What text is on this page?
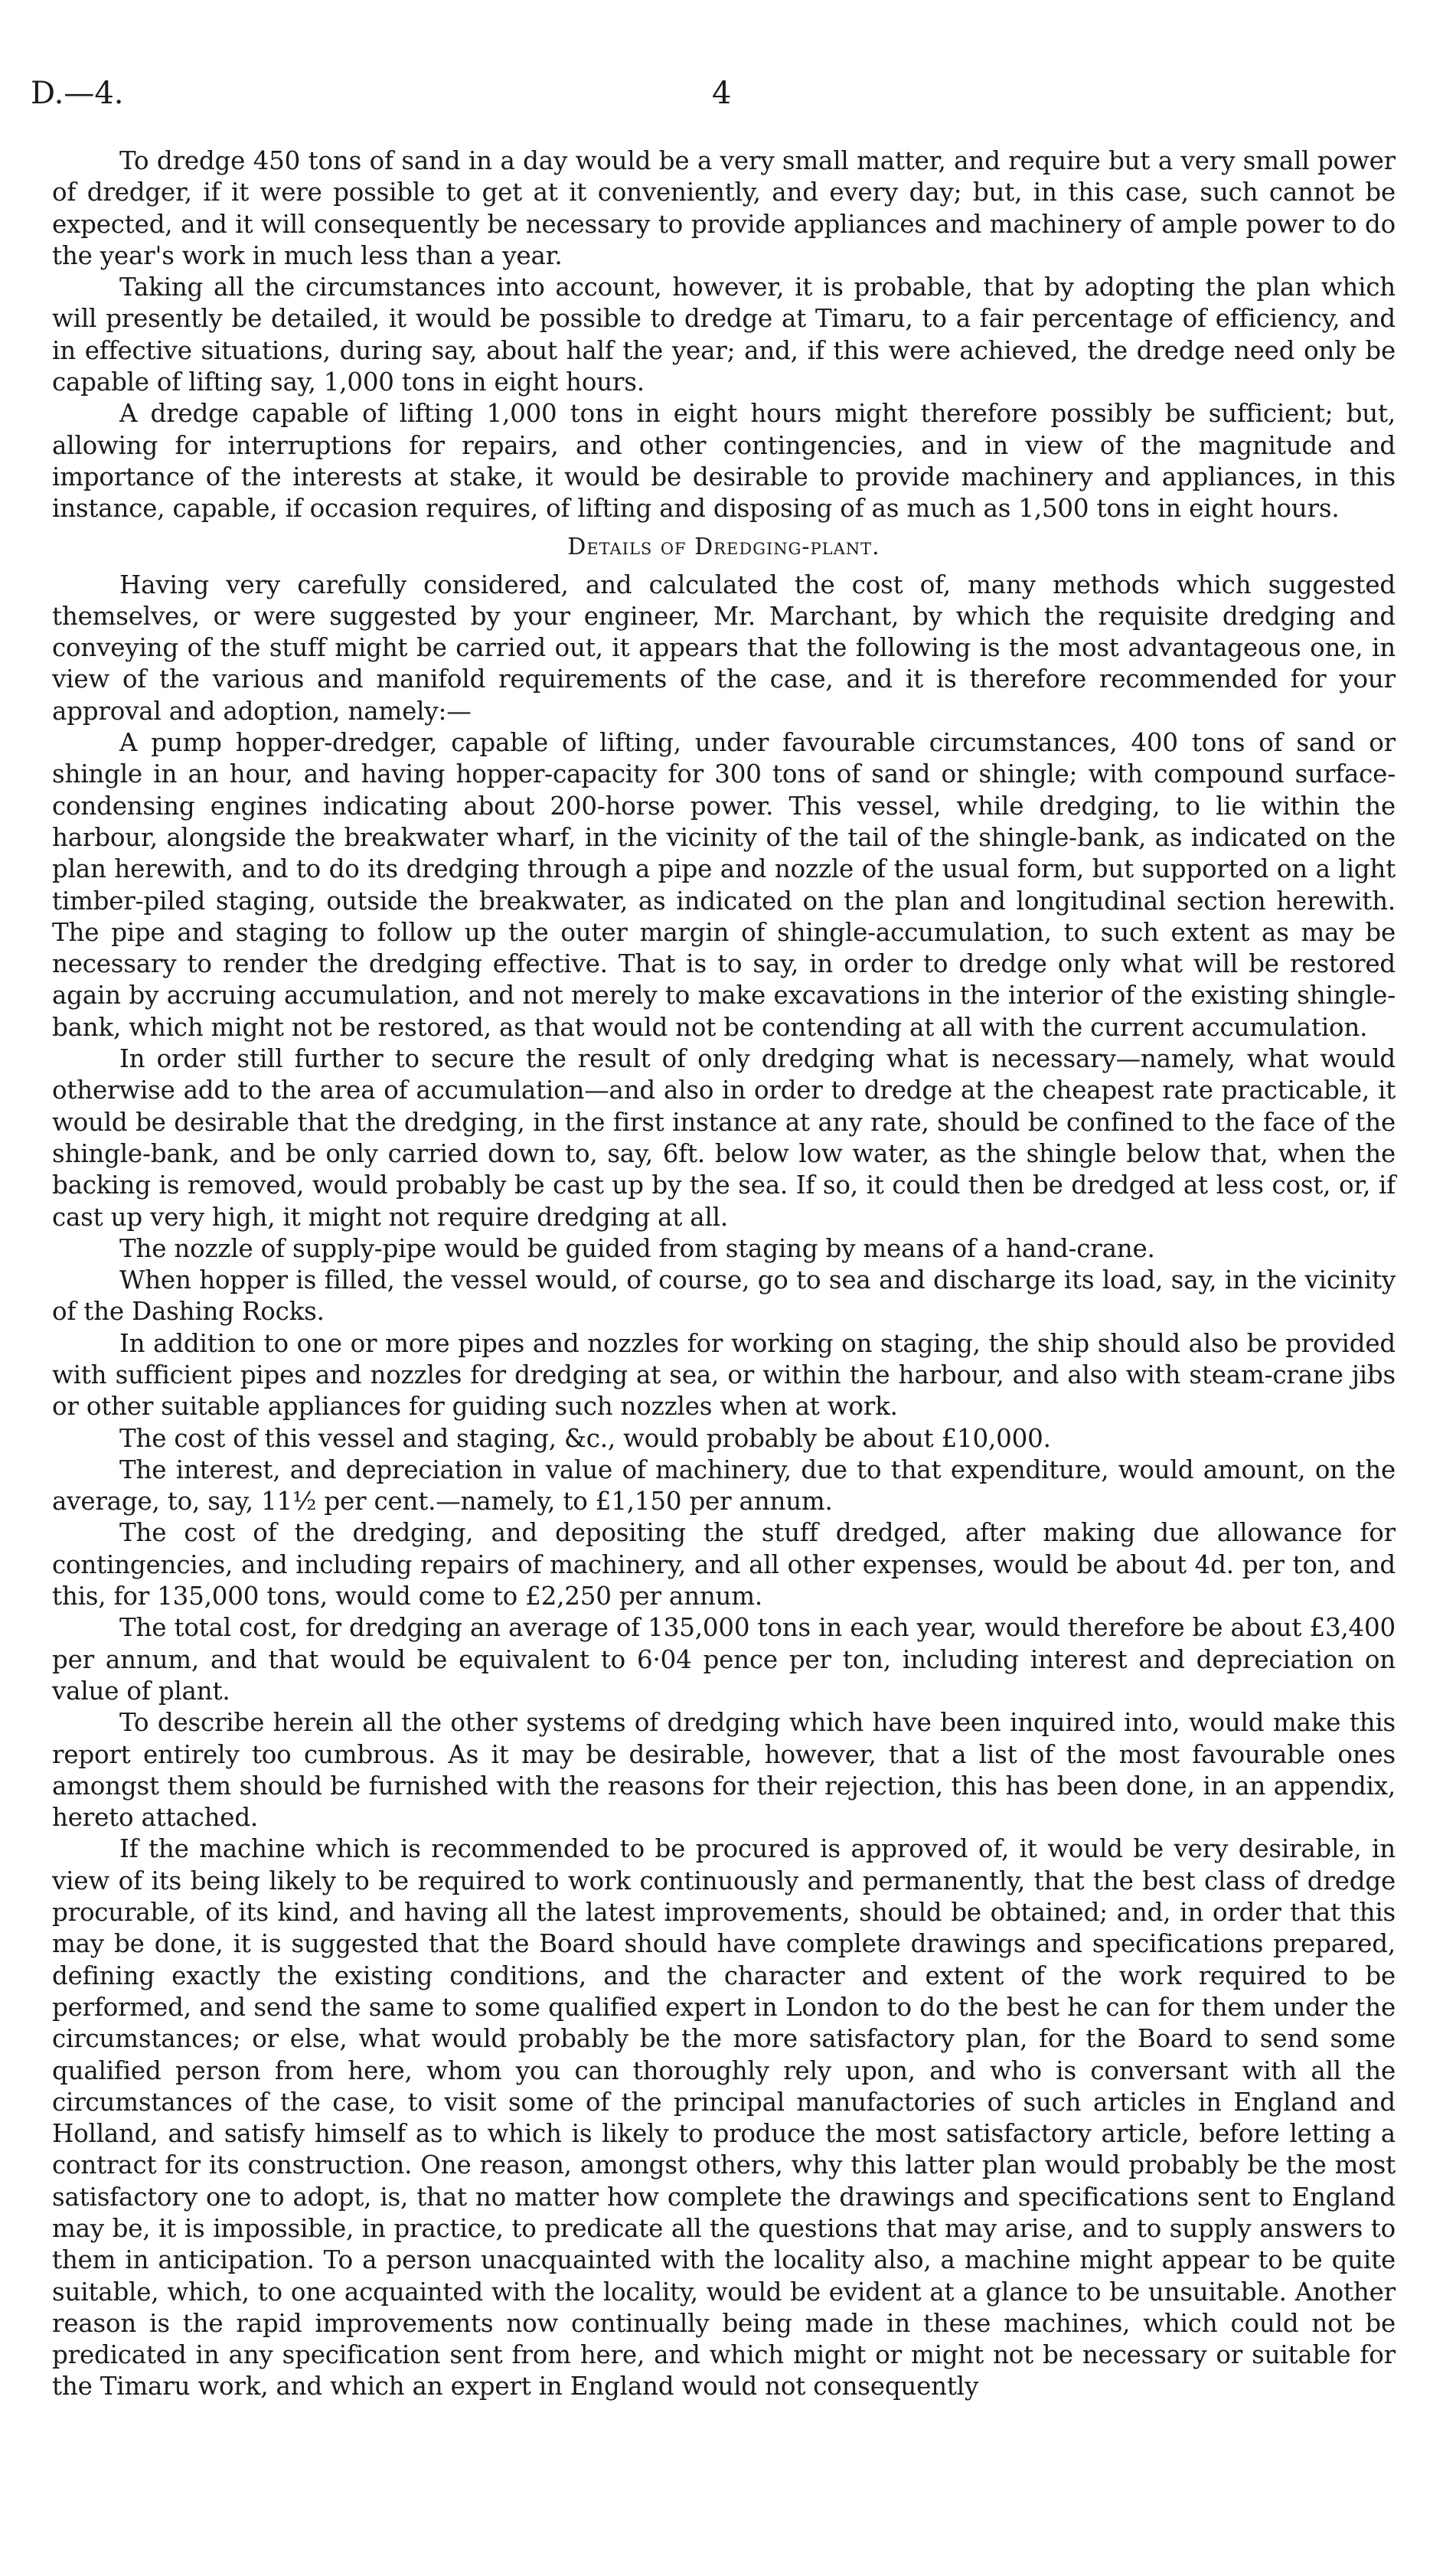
D.—4.	4

To dredge 450 tons of sand in a day would be a very small matter, and require but a very small power of dredger, if it were possible to get at it conveniently, and every day; but, in this case, such cannot be expected, and it will consequently be necessary to provide appliances and machinery of ample power to do the year's work in much less than a year.

Taking all the circumstances into account, however, it is probable, that by adopting the plan which will presently be detailed, it would be possible to dredge at Timaru, to a fair percentage of efficiency, and in effective situations, during say, about half the year; and, if this were achieved, the dredge need only be capable of lifting say, 1,000 tons in eight hours.

A dredge capable of lifting 1,000 tons in eight hours might therefore possibly be sufficient; but, allowing for interruptions for repairs, and other contingencies, and in view of the magnitude and importance of the interests at stake, it would be desirable to provide machinery and appliances, in this instance, capable, if occasion requires, of lifting and disposing of as much as 1,500 tons in eight hours.

Details of Dredging-plant.

Having very carefully considered, and calculated the cost of, many methods which suggested themselves, or were suggested by your engineer, Mr. Marchant, by which the requisite dredging and conveying of the stuff might be carried out, it appears that the following is the most advantageous one, in view of the various and manifold requirements of the case, and it is therefore recommended for your approval and adoption, namely:—

A pump hopper-dredger, capable of lifting, under favourable circumstances, 400 tons of sand or shingle in an hour, and having hopper-capacity for 300 tons of sand or shingle; with compound surface-condensing engines indicating about 200-horse power. This vessel, while dredging, to lie within the harbour, alongside the breakwater wharf, in the vicinity of the tail of the shingle-bank, as indicated on the plan herewith, and to do its dredging through a pipe and nozzle of the usual form, but supported on a light timber-piled staging, outside the breakwater, as indicated on the plan and longitudinal section herewith. The pipe and staging to follow up the outer margin of shingle-accumulation, to such extent as may be necessary to render the dredging effective. That is to say, in order to dredge only what will be restored again by accruing accumulation, and not merely to make excavations in the interior of the existing shingle-bank, which might not be restored, as that would not be contending at all with the current accumulation.

In order still further to secure the result of only dredging what is necessary—namely, what would otherwise add to the area of accumulation—and also in order to dredge at the cheapest rate practicable, it would be desirable that the dredging, in the first instance at any rate, should be confined to the face of the shingle-bank, and be only carried down to, say, 6ft. below low water, as the shingle below that, when the backing is removed, would probably be cast up by the sea. If so, it could then be dredged at less cost, or, if cast up very high, it might not require dredging at all.

The nozzle of supply-pipe would be guided from staging by means of a hand-crane.

When hopper is filled, the vessel would, of course, go to sea and discharge its load, say, in the vicinity of the Dashing Rocks.

In addition to one or more pipes and nozzles for working on staging, the ship should also be provided with sufficient pipes and nozzles for dredging at sea, or within the harbour, and also with steam-crane jibs or other suitable appliances for guiding such nozzles when at work.

The cost of this vessel and staging, &c., would probably be about £10,000.

The interest, and depreciation in value of machinery, due to that expenditure, would amount, on the average, to, say, 11½ per cent.—namely, to £1,150 per annum.

The cost of the dredging, and depositing the stuff dredged, after making due allowance for contingencies, and including repairs of machinery, and all other expenses, would be about 4d. per ton, and this, for 135,000 tons, would come to £2,250 per annum.

The total cost, for dredging an average of 135,000 tons in each year, would therefore be about £3,400 per annum, and that would be equivalent to 6·04 pence per ton, including interest and depreciation on value of plant.

To describe herein all the other systems of dredging which have been inquired into, would make this report entirely too cumbrous. As it may be desirable, however, that a list of the most favourable ones amongst them should be furnished with the reasons for their rejection, this has been done, in an appendix, hereto attached.

If the machine which is recommended to be procured is approved of, it would be very desirable, in view of its being likely to be required to work continuously and permanently, that the best class of dredge procurable, of its kind, and having all the latest improvements, should be obtained; and, in order that this may be done, it is suggested that the Board should have complete drawings and specifications prepared, defining exactly the existing conditions, and the character and extent of the work required to be performed, and send the same to some qualified expert in London to do the best he can for them under the circumstances; or else, what would probably be the more satisfactory plan, for the Board to send some qualified person from here, whom you can thoroughly rely upon, and who is conversant with all the circumstances of the case, to visit some of the principal manufactories of such articles in England and Holland, and satisfy himself as to which is likely to produce the most satisfactory article, before letting a contract for its construction. One reason, amongst others, why this latter plan would probably be the most satisfactory one to adopt, is, that no matter how complete the drawings and specifications sent to England may be, it is impossible, in practice, to predicate all the questions that may arise, and to supply answers to them in anticipation. To a person unacquainted with the locality also, a machine might appear to be quite suitable, which, to one acquainted with the locality, would be evident at a glance to be unsuitable. Another reason is the rapid improvements now continually being made in these machines, which could not be predicated in any specification sent from here, and which might or might not be necessary or suitable for the Timaru work, and which an expert in England would not consequently
